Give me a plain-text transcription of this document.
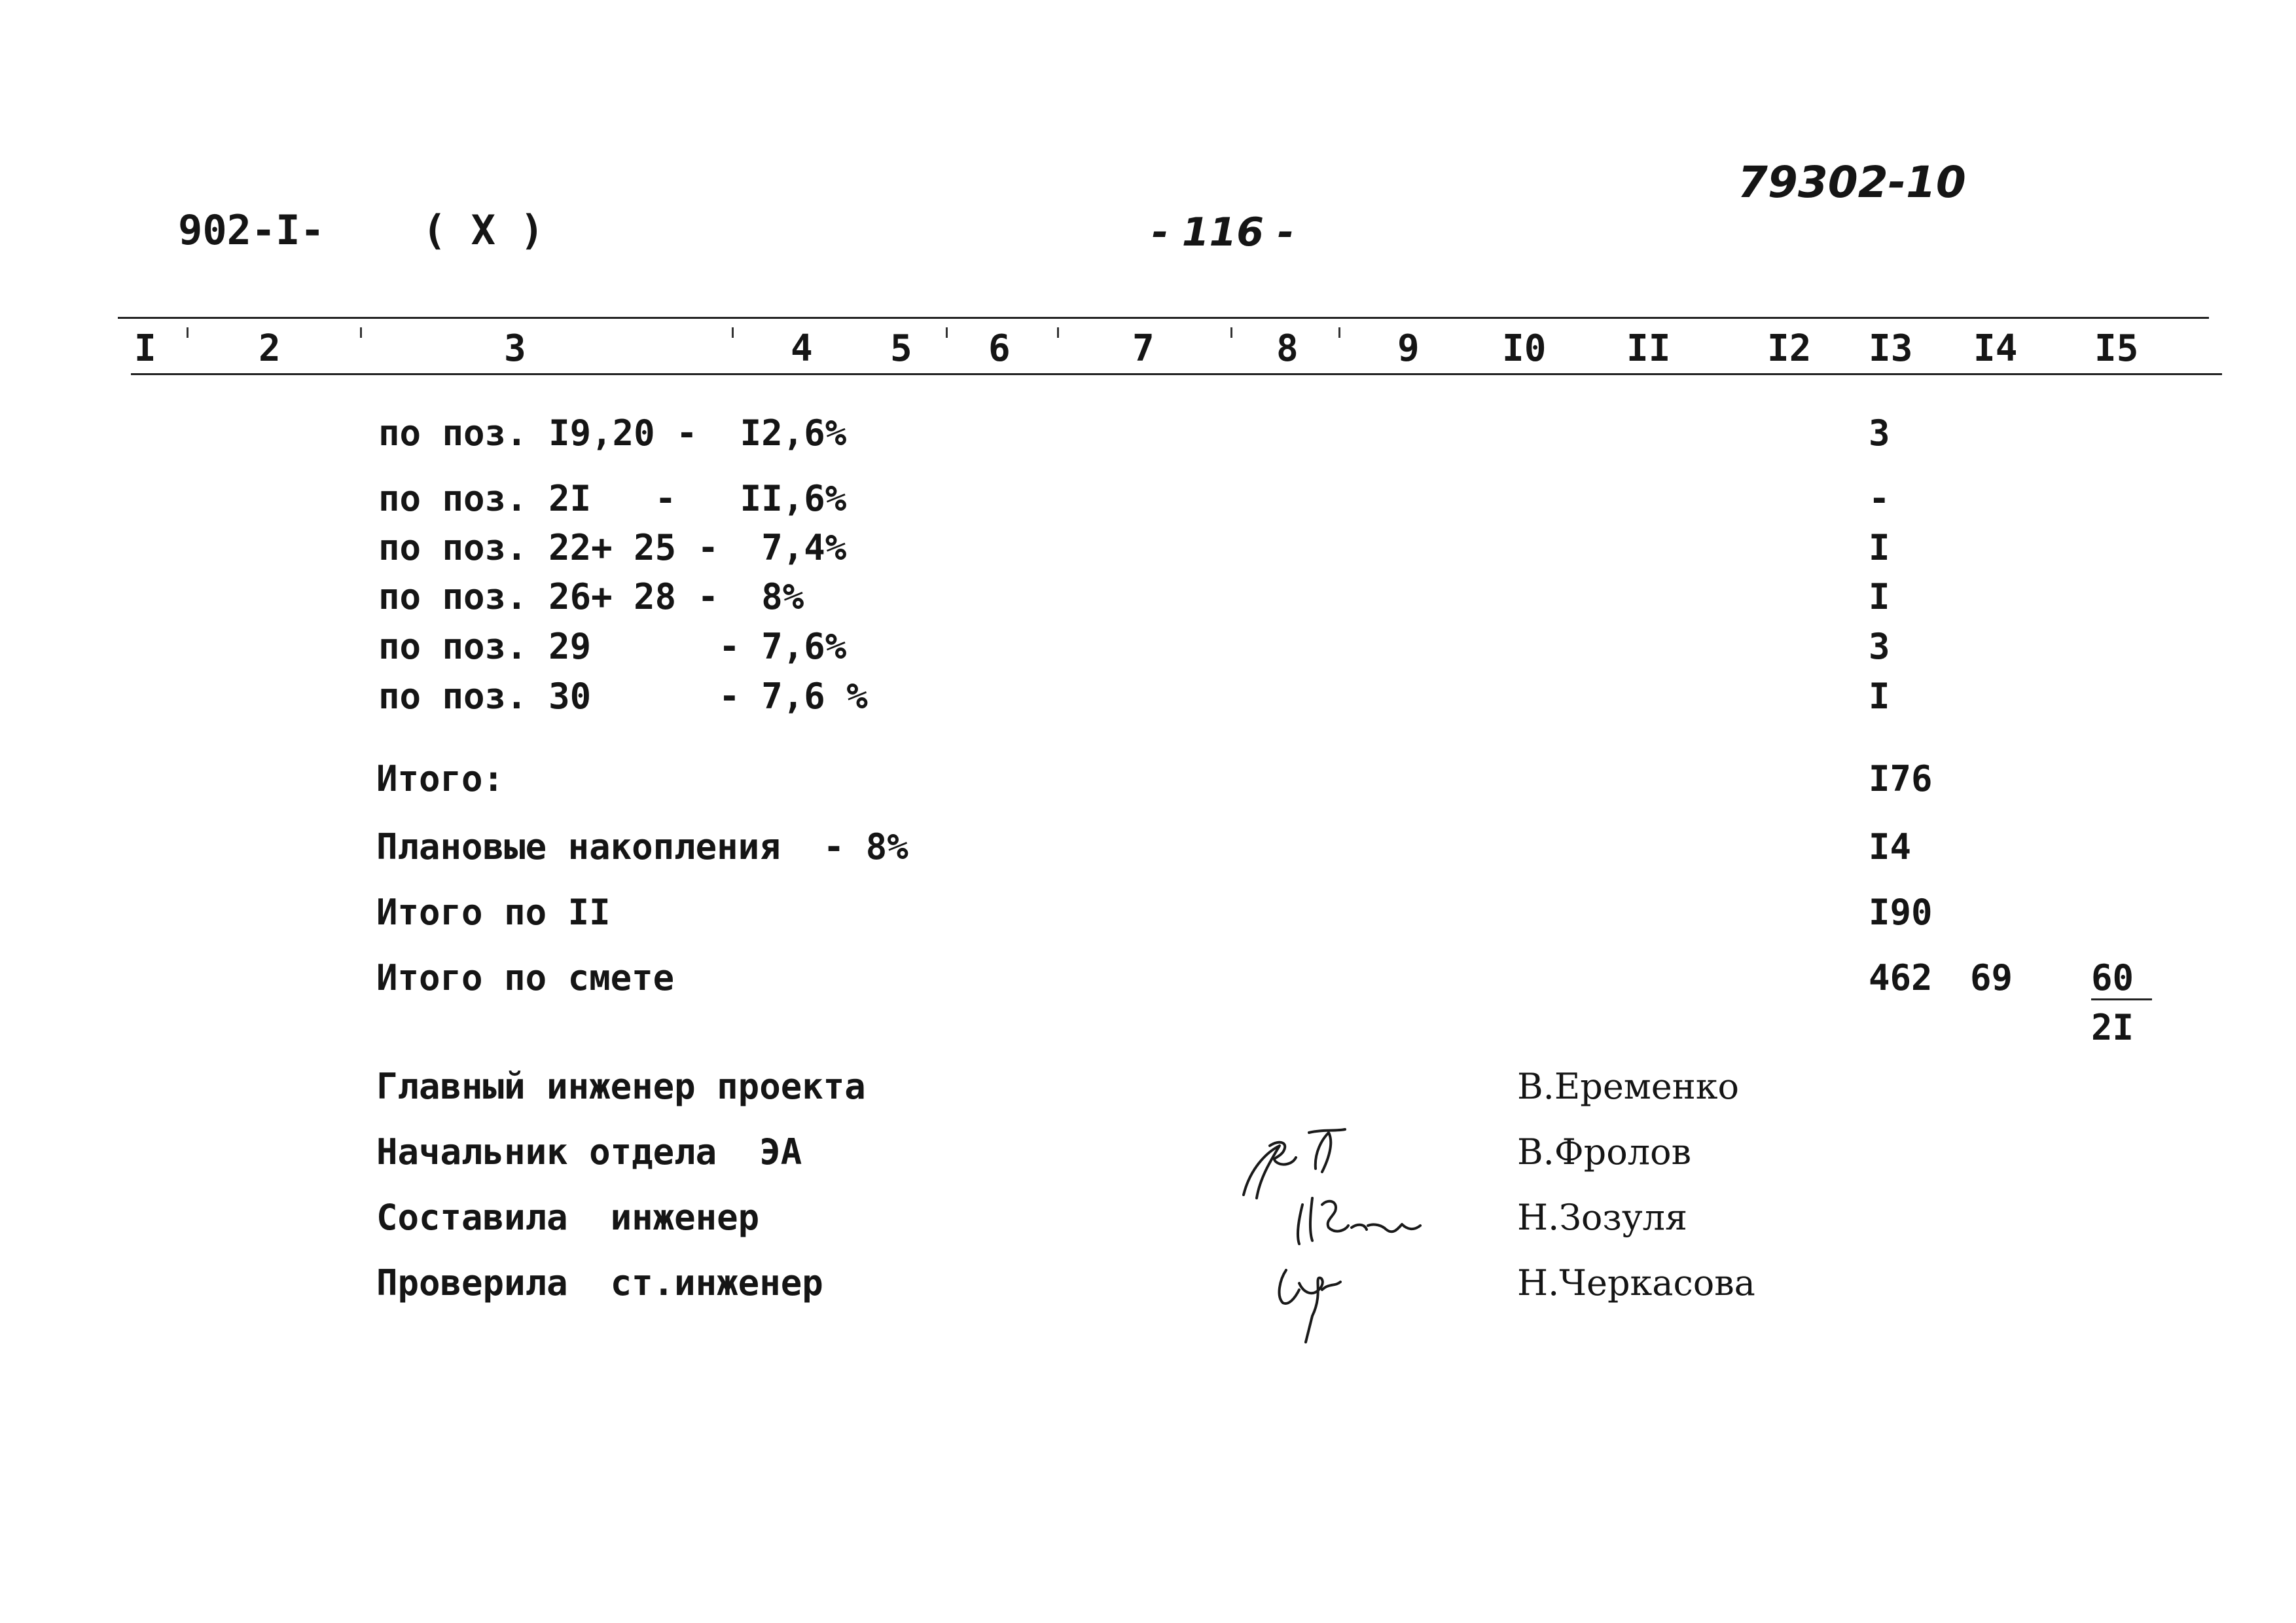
902-I- ( X )	- 116 -
79302-10
I	2	3	4 5 6	7	8	9 I0 II	I2 I3 I4 I5
по поз. I9,20 -  I2,6%	3
по поз. 2I   -   II,6%	-
по поз. 22+ 25 -  7,4%	I
по поз. 26+ 28 -  8%	I
по поз. 29      - 7,6%	3
по поз. 30      - 7,6 %	I
Итого:	I76
Плановые накопления  - 8%	I4
Итого по II	I90
Итого по смете	462 69 60
2I
Главный инженер проекта	В.Еременко
Начальник отдела  ЭА	В.Фролов
Составила  инженер	Н.Зозуля
Проверила  ст.инженер	Н.Черкасова
